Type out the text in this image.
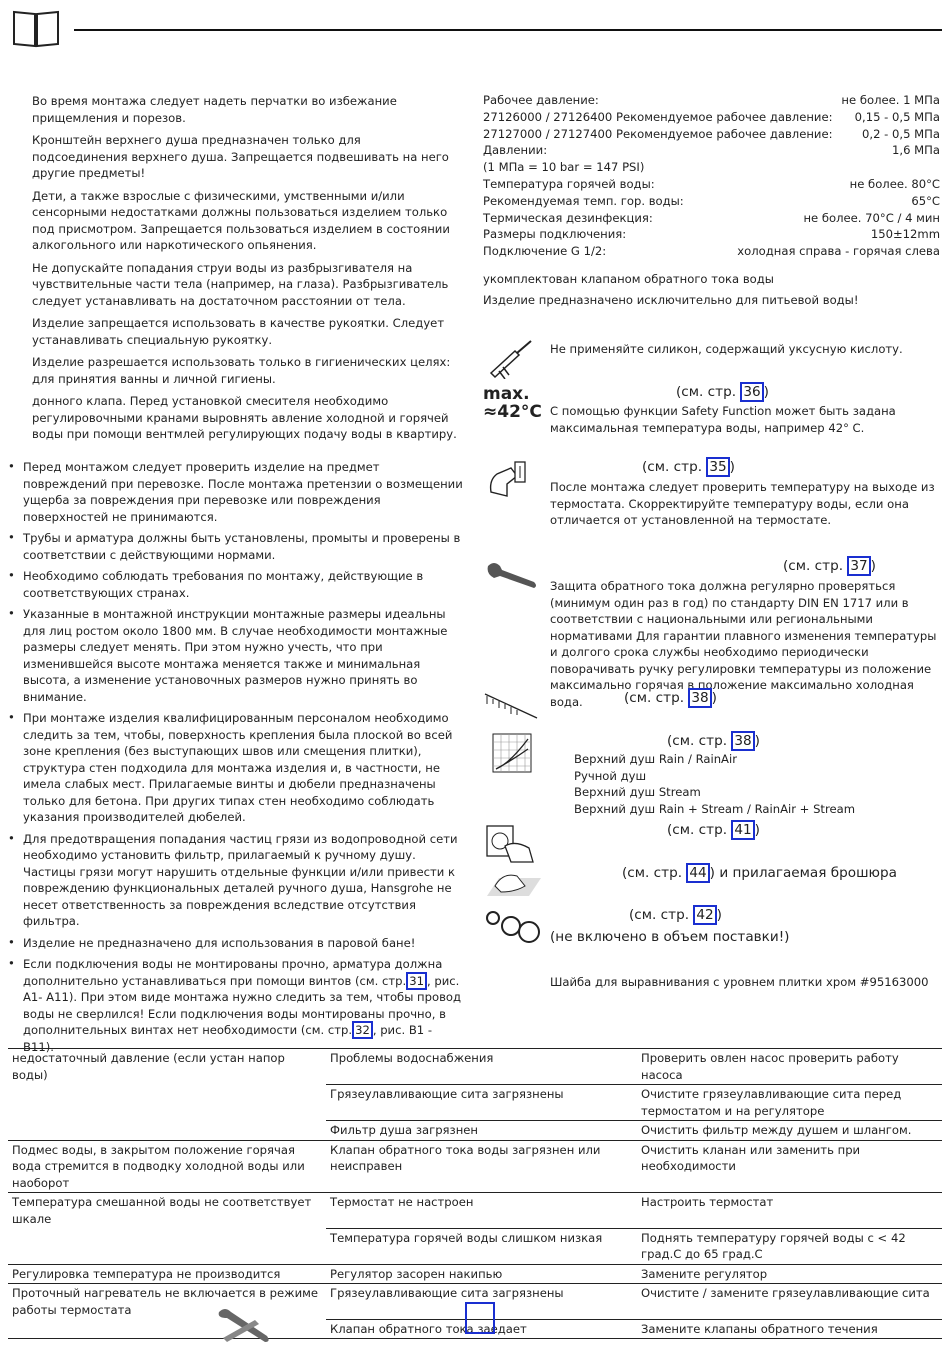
Во время монтажа следует надеть перчатки во избежание прищемления и порезов.

Кронштейн верхнего душа предназначен только для подсоединения верхнего душа. Запрещается подвешивать на него другие предметы!

Дети, а также взрослые с физическими, умственными и/или сенсорными недостатками должны пользоваться изделием только под присмотром. Запрещается пользоваться изделием в состоянии алкогольного или наркотического опьянения.

Не допускайте попадания струи воды из разбрызгивателя на чувствительные части тела (например, на глаза). Разбрызгиватель следует устанавливать на достаточном расстоянии от тела.

Изделие запрещается использовать в качестве рукоятки. Следует устанавливать специальную рукоятку.

Изделие разрешается использовать только в гигиенических целях: для принятия ванны и личной гигиены.

донного клапа. Перед установкой смесителя необходимо регулировочными кранами выровнять авление холодной и горячей воды при помощи вентмлей регулирующих подачу воды в квартиру.

• Перед монтажом следует проверить изделие на предмет повреждений при перевозке. После монтажа претензии о возмещении ущерба за повреждения при перевозке или повреждения поверхностей не принимаются.

• Трубы и арматура должны быть установлены, промыты и проверены в соответствии с действующими нормами.

• Необходимо соблюдать требования по монтажу, действующие в соответствующих странах.

• Указанные в монтажной инструкции монтажные размеры идеальны для лиц ростом около 1800 мм. В случае необходимости монтажные размеры следует менять. При этом нужно учесть, что при изменившейся высоте монтажа меняется также и минимальная высота, а изменение установочных размеров нужно принять во внимание.

• При монтаже изделия квалифицированным персоналом необходимо следить за тем, чтобы, поверхность крепления была плоской во всей зоне крепления (без выступающих швов или смещения плитки), структура стен подходила для монтажа изделия и, в частности, не имела слабых мест. Прилагаемые винты и дюбели предназначены только для бетона. При других типах стен необходимо соблюдать указания производителей дюбелей.

• Для предотвращения попадания частиц грязи из водопроводной сети необходимо установить фильтр, прилагаемый к ручному душу. Частицы грязи могут нарушить отдельные функции и/или привести к повреждению функциональных деталей ручного душа, Hansgrohe не несет ответственность за повреждения вследствие отсутствия фильтра.

• Изделие не предназначено для использования в паровой бане!

• Если подключения воды не монтированы прочно, арматура должна дополнительно устанавливаться при помощи винтов (см. стр. 31 , рис. A1- A11). При этом виде монтажа нужно следить за тем, чтобы провод воды не сверлился! Если подключения воды монтированы прочно, в дополнительных винтах нет необходимости (см. стр. 32 , рис. B1 - B11).

Рабочее давление:	не более. 1 МПа
27126000 / 27126400 Рекомендуемое рабочее давление: 0,15 - 0,5 МПа
27127000 / 27127400 Рекомендуемое рабочее давление:	0,2 - 0,5 МПа
Давлении:	1,6 МПа
(1 МПа = 10 bar = 147 PSI)
Температура горячей воды:	не более. 80°C
Рекомендуемая темп. гор. воды:	65°C
Термическая дезинфекция:	не более. 70°C / 4 мин
Размеры подключения:	150±12mm
Подключение G 1/2:	холодная справа - горячая слева

укомплектован клапаном обратного тока воды

Изделие предназначено исключительно для питьевой воды!

Не применяйте силикон, содержащий уксусную кислоту.

max.
≈42°C
(см. стр. 36 )

С помощью функции Safety Function может быть задана максимальная температура воды, например 42° C.

(см. стр. 35 )

После монтажа следует проверить температуру на выходе из термостата. Скорректируйте температуру воды, если она отличается от установленной на термостате.

(см. стр. 37 )

Защита обратного тока должна регулярно проверяться (минимум один раз в год) по стандарту DIN EN 1717 или в соответствии с национальными или региональными нормативами Для гарантии плавного изменения температуры и долгого срока службы необходимо периодически поворачивать ручку регулировки температуры из положение максимально горячая в положение максимально холодная вода.	(см. стр. 38 )
(см. стр. 38 )

Верхний душ Rain / RainAir

Ручной душ

Верхний душ Stream

Верхний душ Rain + Stream / RainAir + Stream

(см. стр. 41 )
(см. стр. 44 ) и прилагаемая брошюра
(см. стр. 42 )
(не включено в объем поставки!)

Шайба для выравнивания с уровнем плитки хром #95163000

недостаточный давление (если устан напор воды)	Проблемы водоснабжения	Проверить овлен насос проверить работу насоса
	Грязеулавливающие сита загрязнены	Очистите грязеулавливающие сита перед термостатом и на регуляторе
	Фильтр душа загрязнен	Очистить фильтр между душем и шлангом.
Подмес воды, в закрытом положение горячая вода стремится в подводку холодной воды или наоборот	Клапан обратного тока воды загрязнен или неисправен	Очистить кланан или заменить при необходимости
Температура смешанной воды не соответствует шкале	Термостат не настроен	Настроить термостат
	Температура горячей воды слишком низкая	Поднять температуру горячей воды с < 42 град.С до 65 град.С
Регулировка температура не производится	Регулятор засорен накипью	Замените регулятор
Проточный нагреватель не включается в режиме работы термостата	Грязеулавливающие сита загрязнены	Очистите / замените грязеулавливающие сита
	Клапан обратного тока заедает	Замените клапаны обратного течения
